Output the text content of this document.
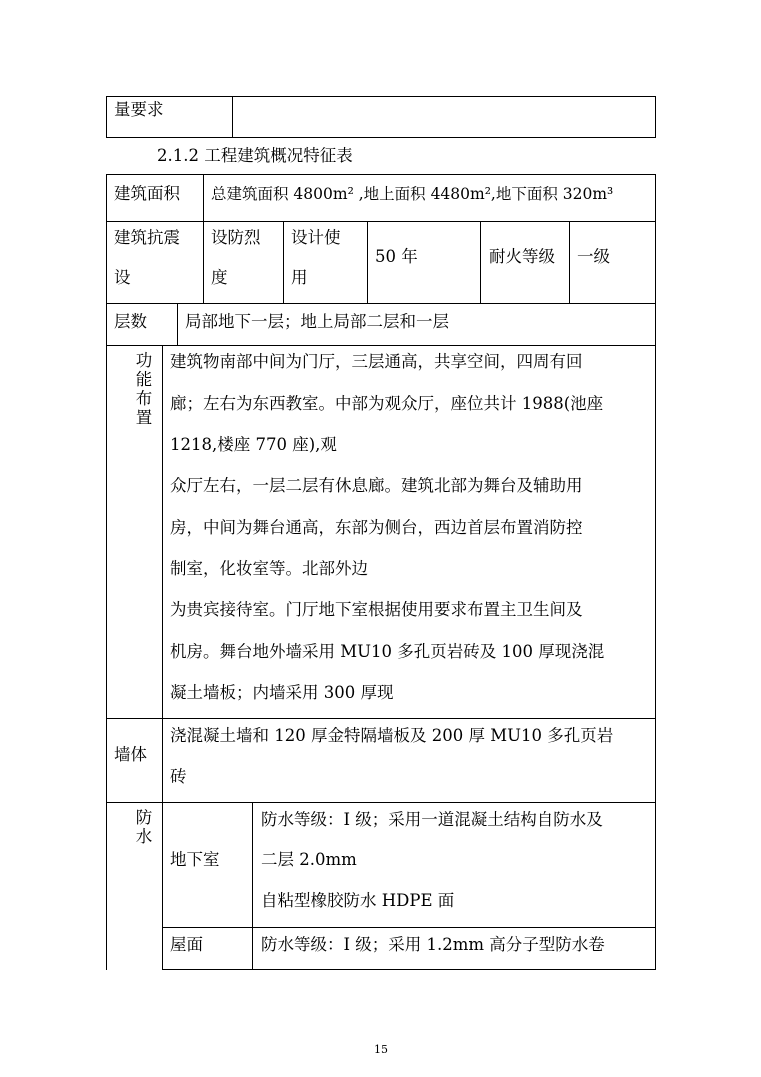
量要求
2.1.2 工程建筑概况特征表
建筑面积 总建筑面积 4800m² ,地上面积 4480m²,地下面积 320m³
建筑抗震
设
设防烈
度
设计使
用
50 年	耐火等级 一级
层数 局部地下一层；地上局部二层和一层
功
能
布
置
建筑物南部中间为门厅，三层通高，共享空间，四周有回
廊；左右为东西教室。中部为观众厅，座位共计 1988(池座
1218,楼座 770 座),观
众厅左右，一层二层有休息廊。建筑北部为舞台及辅助用
房，中间为舞台通高，东部为侧台，西边首层布置消防控
制室，化妆室等。北部外边
为贵宾接待室。门厅地下室根据使用要求布置主卫生间及
机房。舞台地外墙采用 MU10 多孔页岩砖及 100 厚现浇混
凝土墙板；内墙采用 300 厚现
墙体
浇混凝土墙和 120 厚金特隔墙板及 200 厚 MU10 多孔页岩
砖
防
水
地下室
防水等级：I 级；采用一道混凝土结构自防水及
二层 2.0mm
自粘型橡胶防水 HDPE 面
屋面	防水等级：I 级；采用 1.2mm 高分子型防水卷
15
